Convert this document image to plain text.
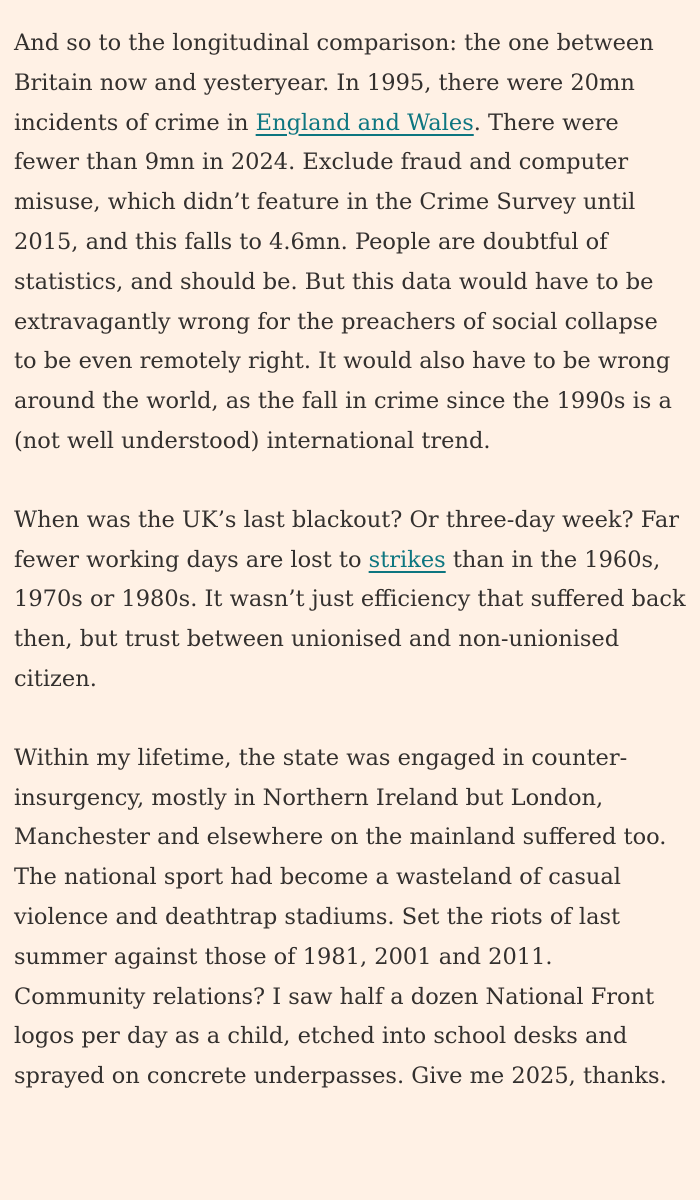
And so to the longitudinal comparison: the one between Britain now and yesteryear. In 1995, there were 20mn incidents of crime in England and Wales. There were fewer than 9mn in 2024. Exclude fraud and computer misuse, which didn’t feature in the Crime Survey until 2015, and this falls to 4.6mn. People are doubtful of statistics, and should be. But this data would have to be extravagantly wrong for the preachers of social collapse to be even remotely right. It would also have to be wrong around the world, as the fall in crime since the 1990s is a (not well understood) international trend.

When was the UK’s last blackout? Or three-day week? Far fewer working days are lost to strikes than in the 1960s, 1970s or 1980s. It wasn’t just efficiency that suffered back then, but trust between unionised and non-unionised citizen.

Within my lifetime, the state was engaged in counter-insurgency, mostly in Northern Ireland but London, Manchester and elsewhere on the mainland suffered too. The national sport had become a wasteland of casual violence and deathtrap stadiums. Set the riots of last summer against those of 1981, 2001 and 2011. Community relations? I saw half a dozen National Front logos per day as a child, etched into school desks and sprayed on concrete underpasses. Give me 2025, thanks.
